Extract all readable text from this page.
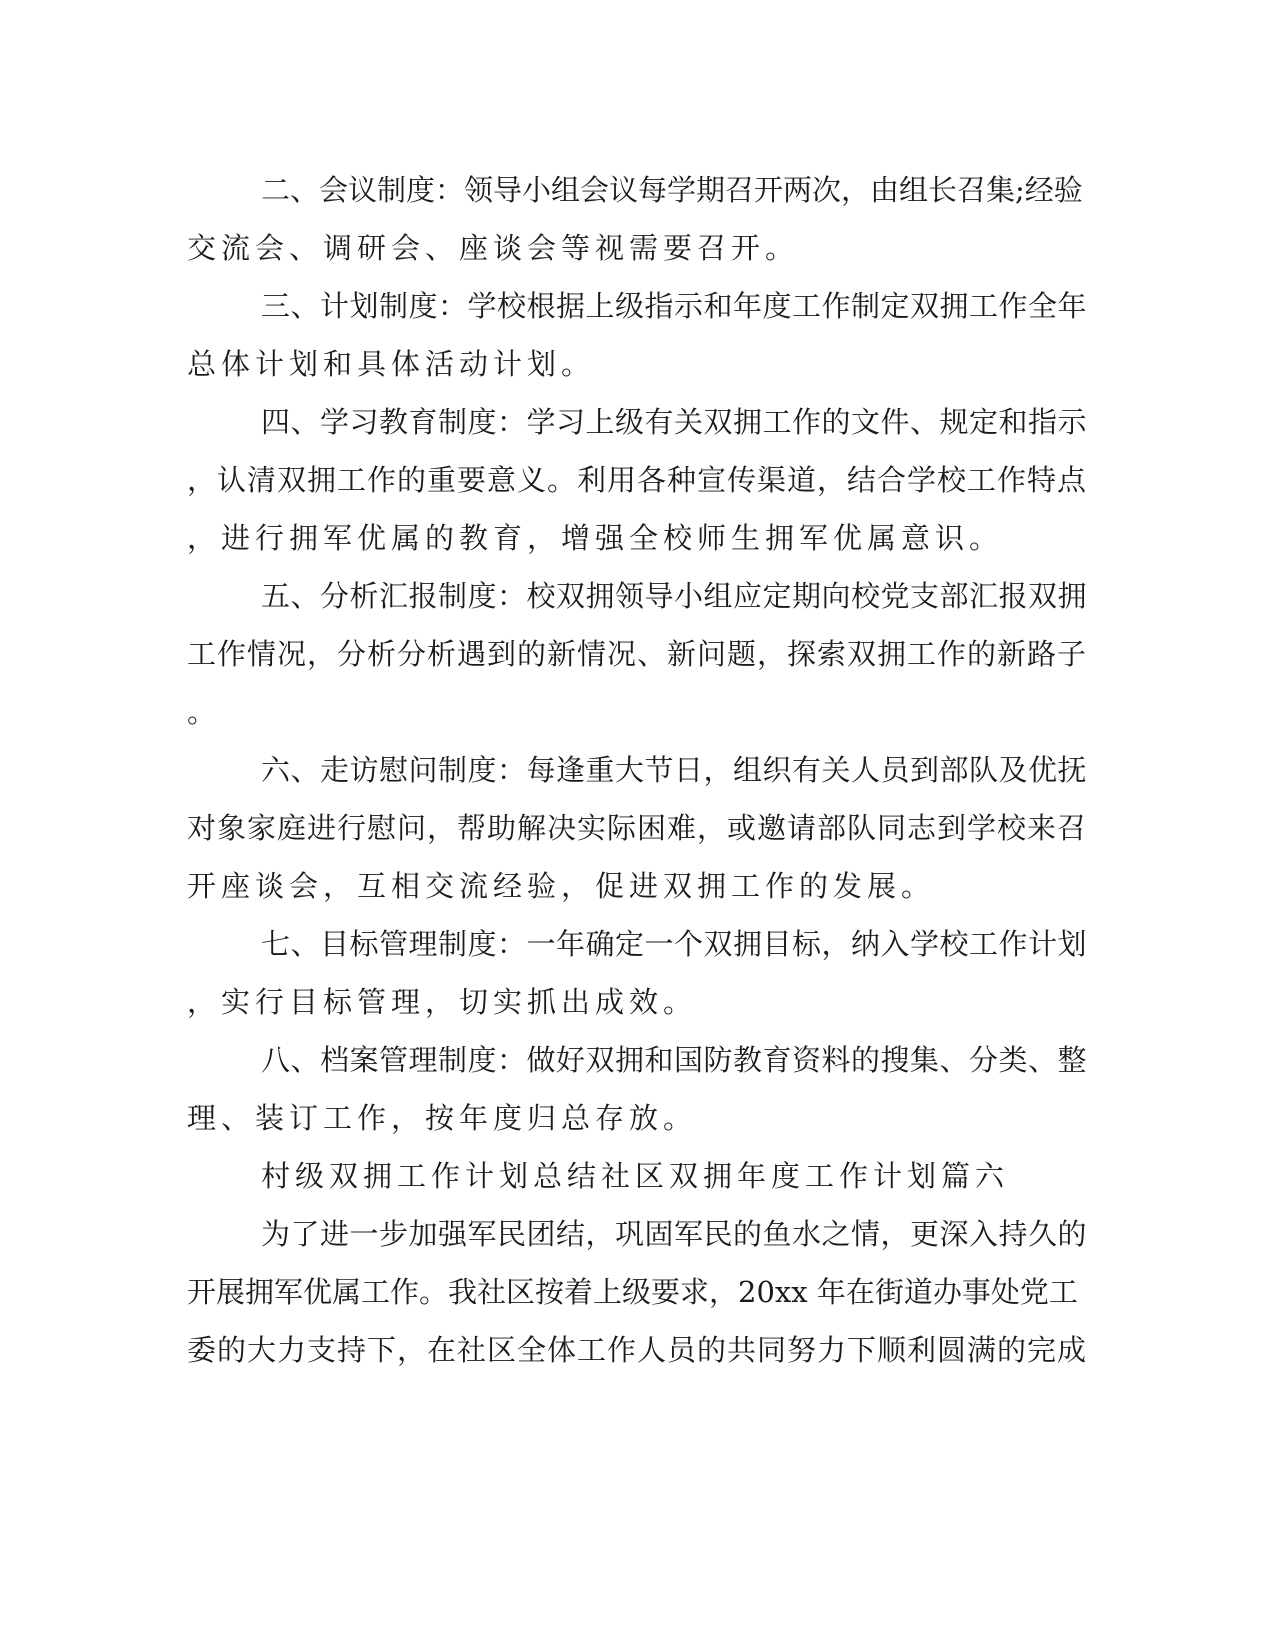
二、会议制度：领导小组会议每学期召开两次，由组长召集;经验
交流会、调研会、座谈会等视需要召开。
三、计划制度：学校根据上级指示和年度工作制定双拥工作全年
总体计划和具体活动计划。
四、学习教育制度：学习上级有关双拥工作的文件、规定和指示
，认清双拥工作的重要意义。利用各种宣传渠道，结合学校工作特点
，进行拥军优属的教育，增强全校师生拥军优属意识。
五、分析汇报制度：校双拥领导小组应定期向校党支部汇报双拥
工作情况，分析分析遇到的新情况、新问题，探索双拥工作的新路子
。
六、走访慰问制度：每逢重大节日，组织有关人员到部队及优抚
对象家庭进行慰问，帮助解决实际困难，或邀请部队同志到学校来召
开座谈会，互相交流经验，促进双拥工作的发展。
七、目标管理制度：一年确定一个双拥目标，纳入学校工作计划
，实行目标管理，切实抓出成效。
八、档案管理制度：做好双拥和国防教育资料的搜集、分类、整
理、装订工作，按年度归总存放。
村级双拥工作计划总结社区双拥年度工作计划篇六
为了进一步加强军民团结，巩固军民的鱼水之情，更深入持久的
开展拥军优属工作。我社区按着上级要求，20xx 年在街道办事处党工
委的大力支持下，在社区全体工作人员的共同努力下顺利圆满的完成
